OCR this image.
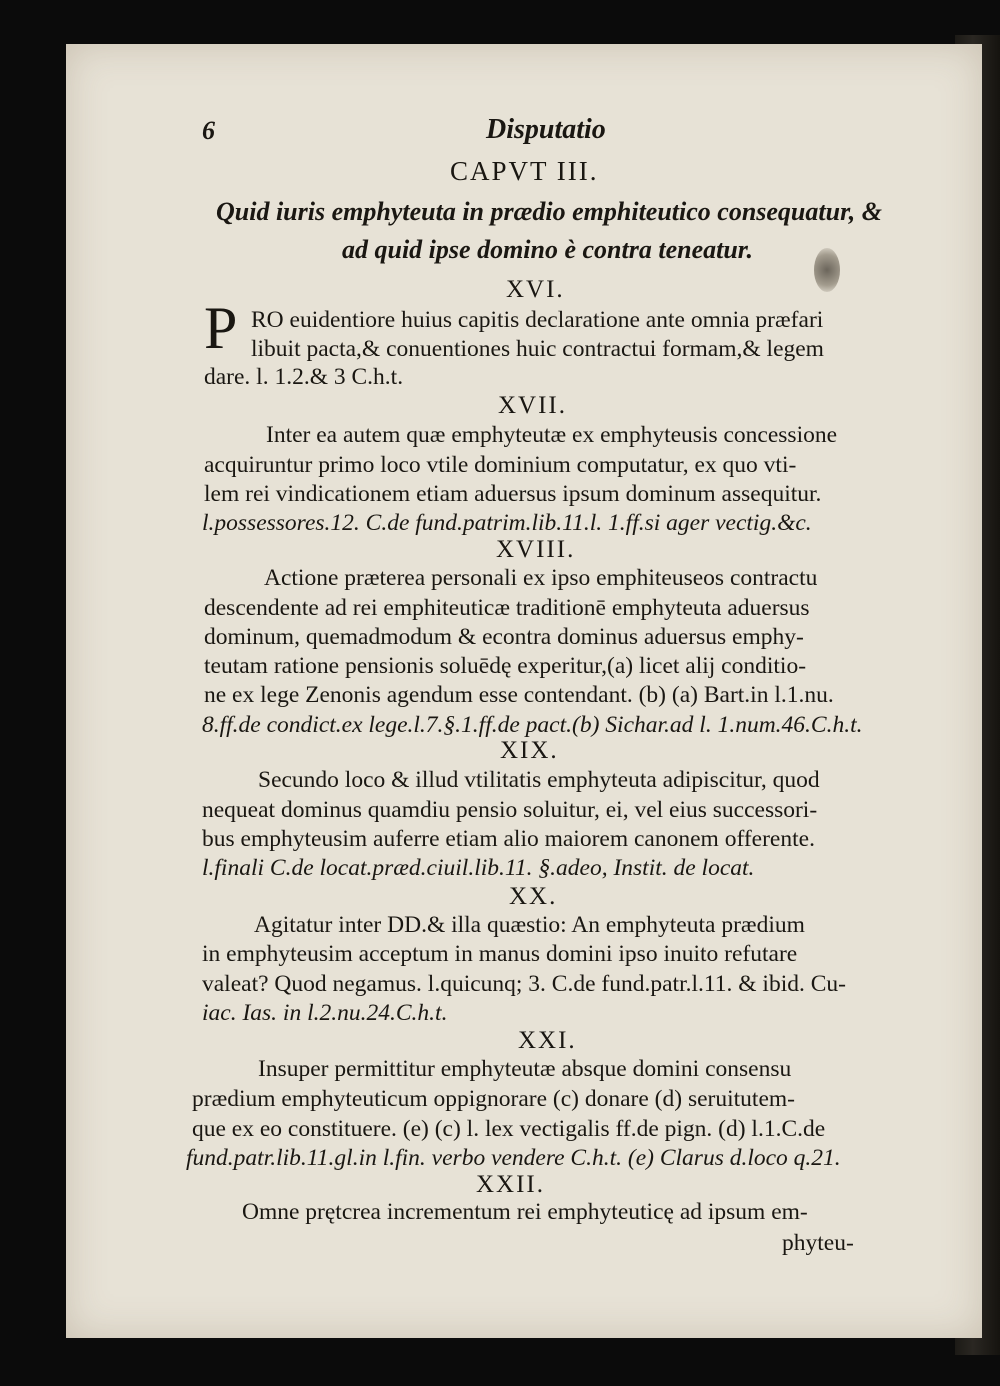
6	Disputatio
CAPVT III.
Quid iuris emphyteuta in prædio emphiteutico consequatur, &
ad quid ipse domino è contra teneatur.
XVI.
P RO euidentiore huius capitis declaratione ante omnia præfari
libuit pacta,& conuentiones huic contractui formam,& legem
dare. l. 1.2.& 3 C.h.t.
XVII.
Inter ea autem quæ emphyteutæ ex emphyteusis concessione
acquiruntur primo loco vtile dominium computatur, ex quo vti-
lem rei vindicationem etiam aduersus ipsum dominum assequitur.
l.possessores.12. C.de fund.patrim.lib.11.l. 1.ff.si ager vectig.&c.
XVIII.
Actione præterea personali ex ipso emphiteuseos contractu
descendente ad rei emphiteuticæ traditionē emphyteuta aduersus
dominum, quemadmodum & econtra dominus aduersus emphy-
teutam ratione pensionis soluēdę experitur,(a) licet alij conditio-
ne ex lege Zenonis agendum esse contendant. (b) (a) Bart.in l.1.nu.
8.ff.de condict.ex lege.l.7.§.1.ff.de pact.(b) Sichar.ad l. 1.num.46.C.h.t.
XIX.
Secundo loco & illud vtilitatis emphyteuta adipiscitur, quod
nequeat dominus quamdiu pensio soluitur, ei, vel eius successori-
bus emphyteusim auferre etiam alio maiorem canonem offerente.
l.finali C.de locat.præd.ciuil.lib.11. §.adeo, Instit. de locat.
XX.
Agitatur inter DD.& illa quæstio: An emphyteuta prædium
in emphyteusim acceptum in manus domini ipso inuito refutare
valeat? Quod negamus. l.quicunq; 3. C.de fund.patr.l.11. & ibid. Cu-
iac. Ias. in l.2.nu.24.C.h.t.
XXI.
Insuper permittitur emphyteutæ absque domini consensu
prædium emphyteuticum oppignorare (c) donare (d) seruitutem-
que ex eo constituere. (e) (c) l. lex vectigalis ff.de pign. (d) l.1.C.de
fund.patr.lib.11.gl.in l.fin. verbo vendere C.h.t. (e) Clarus d.loco q.21.
XXII.
Omne prętcrea incrementum rei emphyteuticę ad ipsum em-
phyteu-
